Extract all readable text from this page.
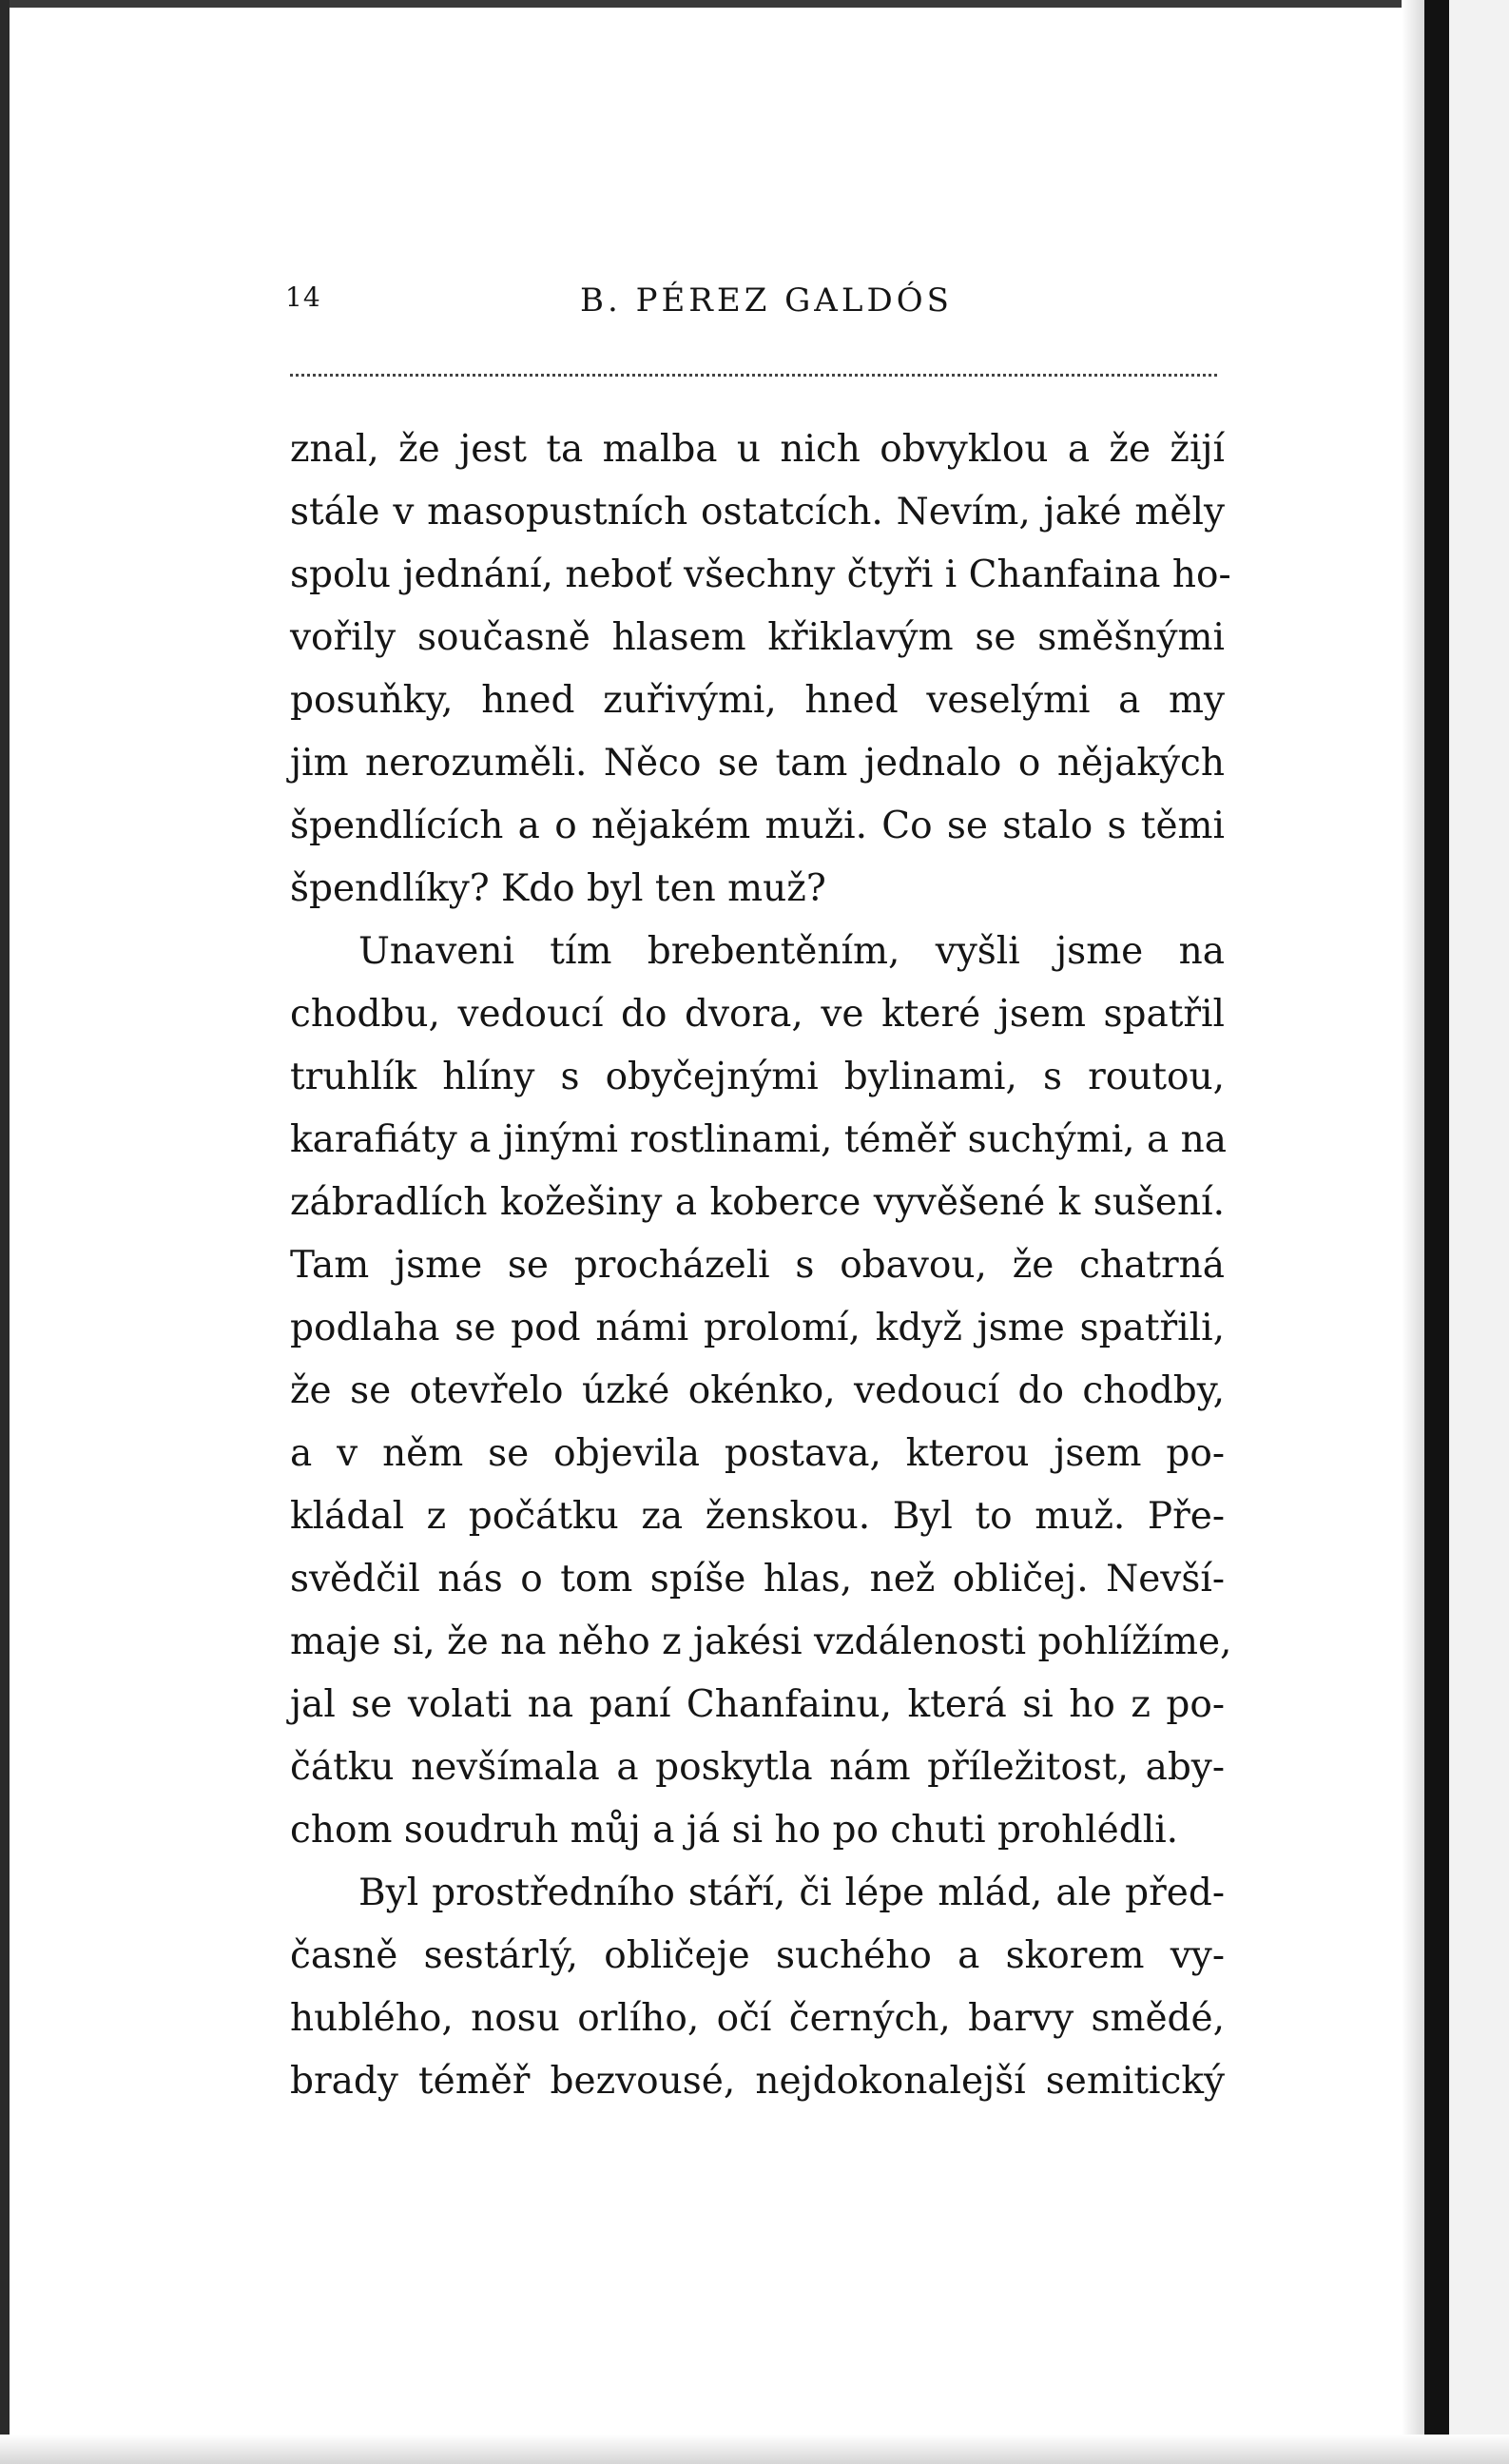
14	B. PÉREZ GALDÓS
znal, že jest ta malba u nich obvyklou a že žijí
stále v masopustních ostatcích. Nevím, jaké měly
spolu jednání, neboť všechny čtyři i Chanfaina ho-
vořily současně hlasem křiklavým se směšnými
posuňky, hned zuřivými, hned veselými a my
jim nerozuměli. Něco se tam jednalo o nějakých
špendlících a o nějakém muži. Co se stalo s těmi
špendlíky? Kdo byl ten muž?
Unaveni tím brebentěním, vyšli jsme na
chodbu, vedoucí do dvora, ve které jsem spatřil
truhlík hlíny s obyčejnými bylinami, s routou,
karafiáty a jinými rostlinami, téměř suchými, a na
zábradlích kožešiny a koberce vyvěšené k sušení.
Tam jsme se procházeli s obavou, že chatrná
podlaha se pod námi prolomí, když jsme spatřili,
že se otevřelo úzké okénko, vedoucí do chodby,
a v něm se objevila postava, kterou jsem po-
kládal z počátku za ženskou. Byl to muž. Pře-
svědčil nás o tom spíše hlas, než obličej. Nevší-
maje si, že na něho z jakési vzdálenosti pohlížíme,
jal se volati na paní Chanfainu, která si ho z po-
čátku nevšímala a poskytla nám příležitost, aby-
chom soudruh můj a já si ho po chuti prohlédli.
Byl prostředního stáří, či lépe mlád, ale před-
časně sestárlý, obličeje suchého a skorem vy-
hublého, nosu orlího, očí černých, barvy smědé,
brady téměř bezvousé, nejdokonalejší semitický
